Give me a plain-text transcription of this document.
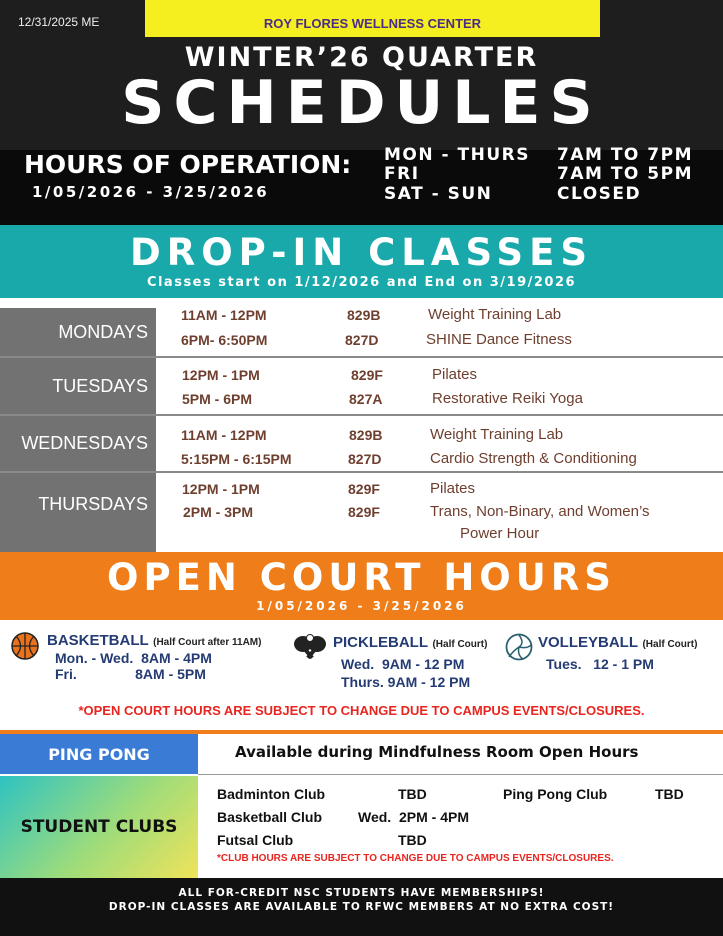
12/31/2025 ME	ROY FLORES WELLNESS CENTER
WINTER’26 QUARTER
SCHEDULES
HOURS OF OPERATION:
1/05/2026 - 3/25/2026
MON - THURS 7AM TO 7PM
FRI	7AM TO 5PM
SAT - SUN	CLOSED
DROP-IN CLASSES
Classes start on 1/12/2026 and End on 3/19/2026
MONDAYS
11AM - 12PM	829B	Weight Training Lab
6PM- 6:50PM	827D	SHINE Dance Fitness
TUESDAYS
12PM - 1PM	829F	Pilates
5PM - 6PM	827A	Restorative Reiki Yoga
WEDNESDAYS	11AM - 12PM	829B	Weight Training Lab
5:15PM - 6:15PM	827D	Cardio Strength & Conditioning
THURSDAYS
12PM - 1PM	829F	Pilates
2PM - 3PM	829F	Trans, Non-Binary, and Women’s
Power Hour
OPEN COURT HOURS
1/05/2026 - 3/25/2026
BASKETBALL (Half Court after 11AM)
Mon. - Wed.  8AM - 4PM
Fri.               8AM - 5PM
PICKLEBALL (Half Court)
Wed.  9AM - 12 PM
Thurs. 9AM - 12 PM
VOLLEYBALL (Half Court)
Tues.   12 - 1 PM
*OPEN COURT HOURS ARE SUBJECT TO CHANGE DUE TO CAMPUS EVENTS/CLOSURES.
PING PONG	Available during Mindfulness Room Open Hours
STUDENT CLUBS
Badminton Club	TBD	Ping Pong Club	TBD
Basketball Club	Wed.  2PM - 4PM
Futsal Club	TBD
*CLUB HOURS ARE SUBJECT TO CHANGE DUE TO CAMPUS EVENTS/CLOSURES.
ALL FOR-CREDIT NSC STUDENTS HAVE MEMBERSHIPS!
DROP-IN CLASSES ARE AVAILABLE TO RFWC MEMBERS AT NO EXTRA COST!
